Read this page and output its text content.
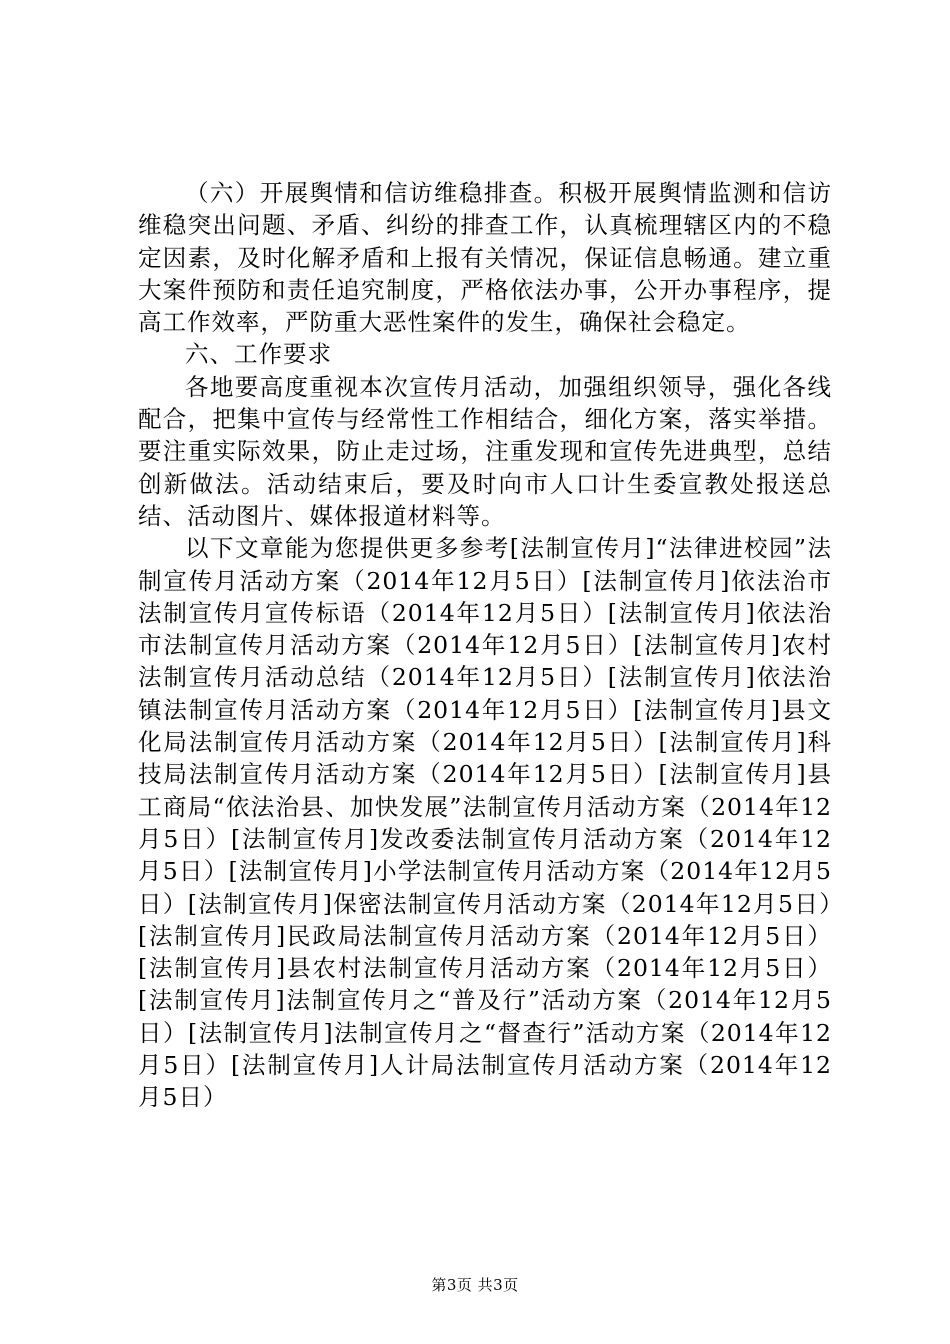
（六）开展舆情和信访维稳排查。积极开展舆情监测和信访维稳突出问题、矛盾、纠纷的排查工作，认真梳理辖区内的不稳定因素，及时化解矛盾和上报有关情况，保证信息畅通。建立重大案件预防和责任追究制度，严格依法办事，公开办事程序，提高工作效率，严防重大恶性案件的发生，确保社会稳定。

六、工作要求

各地要高度重视本次宣传月活动，加强组织领导，强化各线配合，把集中宣传与经常性工作相结合，细化方案，落实举措。要注重实际效果，防止走过场，注重发现和宣传先进典型，总结创新做法。活动结束后，要及时向市人口计生委宣教处报送总结、活动图片、媒体报道材料等。

以下文章能为您提供更多参考[法制宣传月]“法律进校园”法制宣传月活动方案（2014年12月5日）[法制宣传月]依法治市法制宣传月宣传标语（2014年12月5日）[法制宣传月]依法治市法制宣传月活动方案（2014年12月5日）[法制宣传月]农村法制宣传月活动总结（2014年12月5日）[法制宣传月]依法治镇法制宣传月活动方案（2014年12月5日）[法制宣传月]县文化局法制宣传月活动方案（2014年12月5日）[法制宣传月]科技局法制宣传月活动方案（2014年12月5日）[法制宣传月]县工商局“依法治县、加快发展”法制宣传月活动方案（2014年12月5日）[法制宣传月]发改委法制宣传月活动方案（2014年12月5日）[法制宣传月]小学法制宣传月活动方案（2014年12月5日）[法制宣传月]保密法制宣传月活动方案（2014年12月5日）[法制宣传月]民政局法制宣传月活动方案（2014年12月5日）[法制宣传月]县农村法制宣传月活动方案（2014年12月5日）[法制宣传月]法制宣传月之“普及行”活动方案（2014年12月5日）[法制宣传月]法制宣传月之“督查行”活动方案（2014年12月5日）[法制宣传月]人计局法制宣传月活动方案（2014年12月5日）

第3页 共3页
